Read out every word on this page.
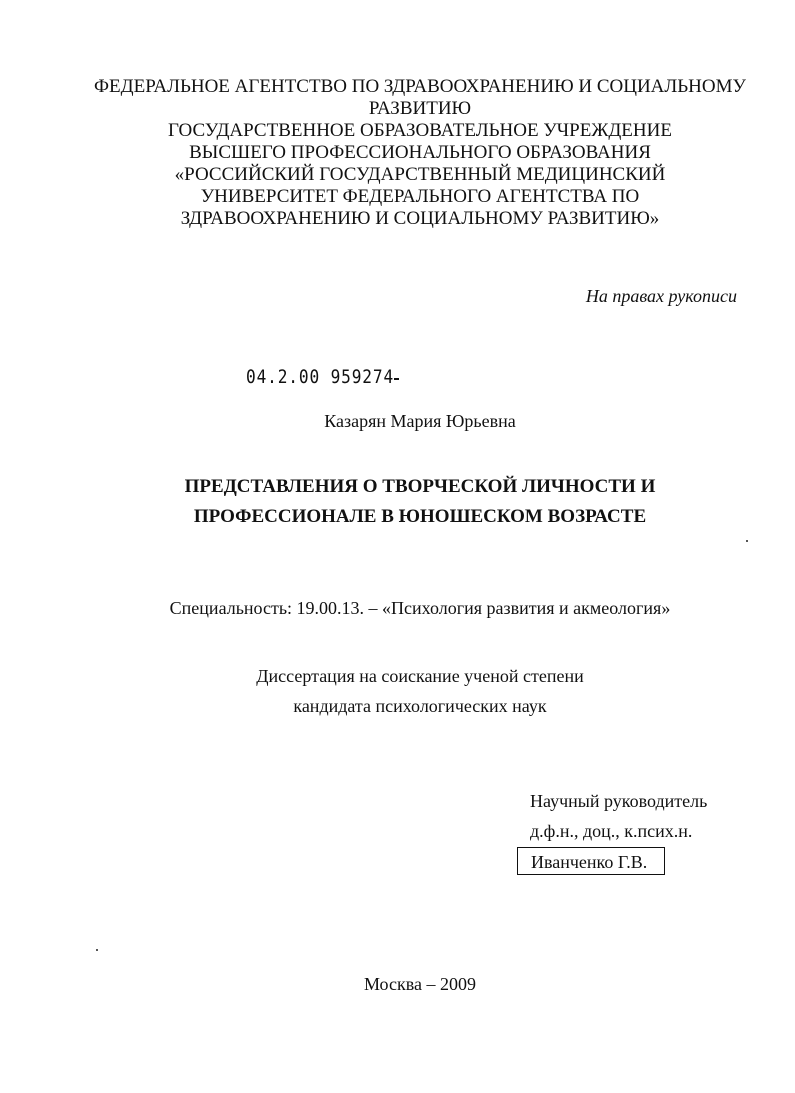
ФЕДЕРАЛЬНОЕ АГЕНТСТВО ПО ЗДРАВООХРАНЕНИЮ И СОЦИАЛЬНОМУ
РАЗВИТИЮ
ГОСУДАРСТВЕННОЕ ОБРАЗОВАТЕЛЬНОЕ УЧРЕЖДЕНИЕ
ВЫСШЕГО ПРОФЕССИОНАЛЬНОГО ОБРАЗОВАНИЯ
«РОССИЙСКИЙ ГОСУДАРСТВЕННЫЙ МЕДИЦИНСКИЙ
УНИВЕРСИТЕТ ФЕДЕРАЛЬНОГО АГЕНТСТВА ПО
ЗДРАВООХРАНЕНИЮ И СОЦИАЛЬНОМУ РАЗВИТИЮ»
На правах рукописи
04.2.00 959274
Казарян Мария Юрьевна
ПРЕДСТАВЛЕНИЯ О ТВОРЧЕСКОЙ ЛИЧНОСТИ И
ПРОФЕССИОНАЛЕ В ЮНОШЕСКОМ ВОЗРАСТЕ
Специальность: 19.00.13. – «Психология развития и акмеология»
Диссертация на соискание ученой степени
кандидата психологических наук
Научный руководитель
д.ф.н., доц., к.псих.н.
Иванченко Г.В.
Москва – 2009
